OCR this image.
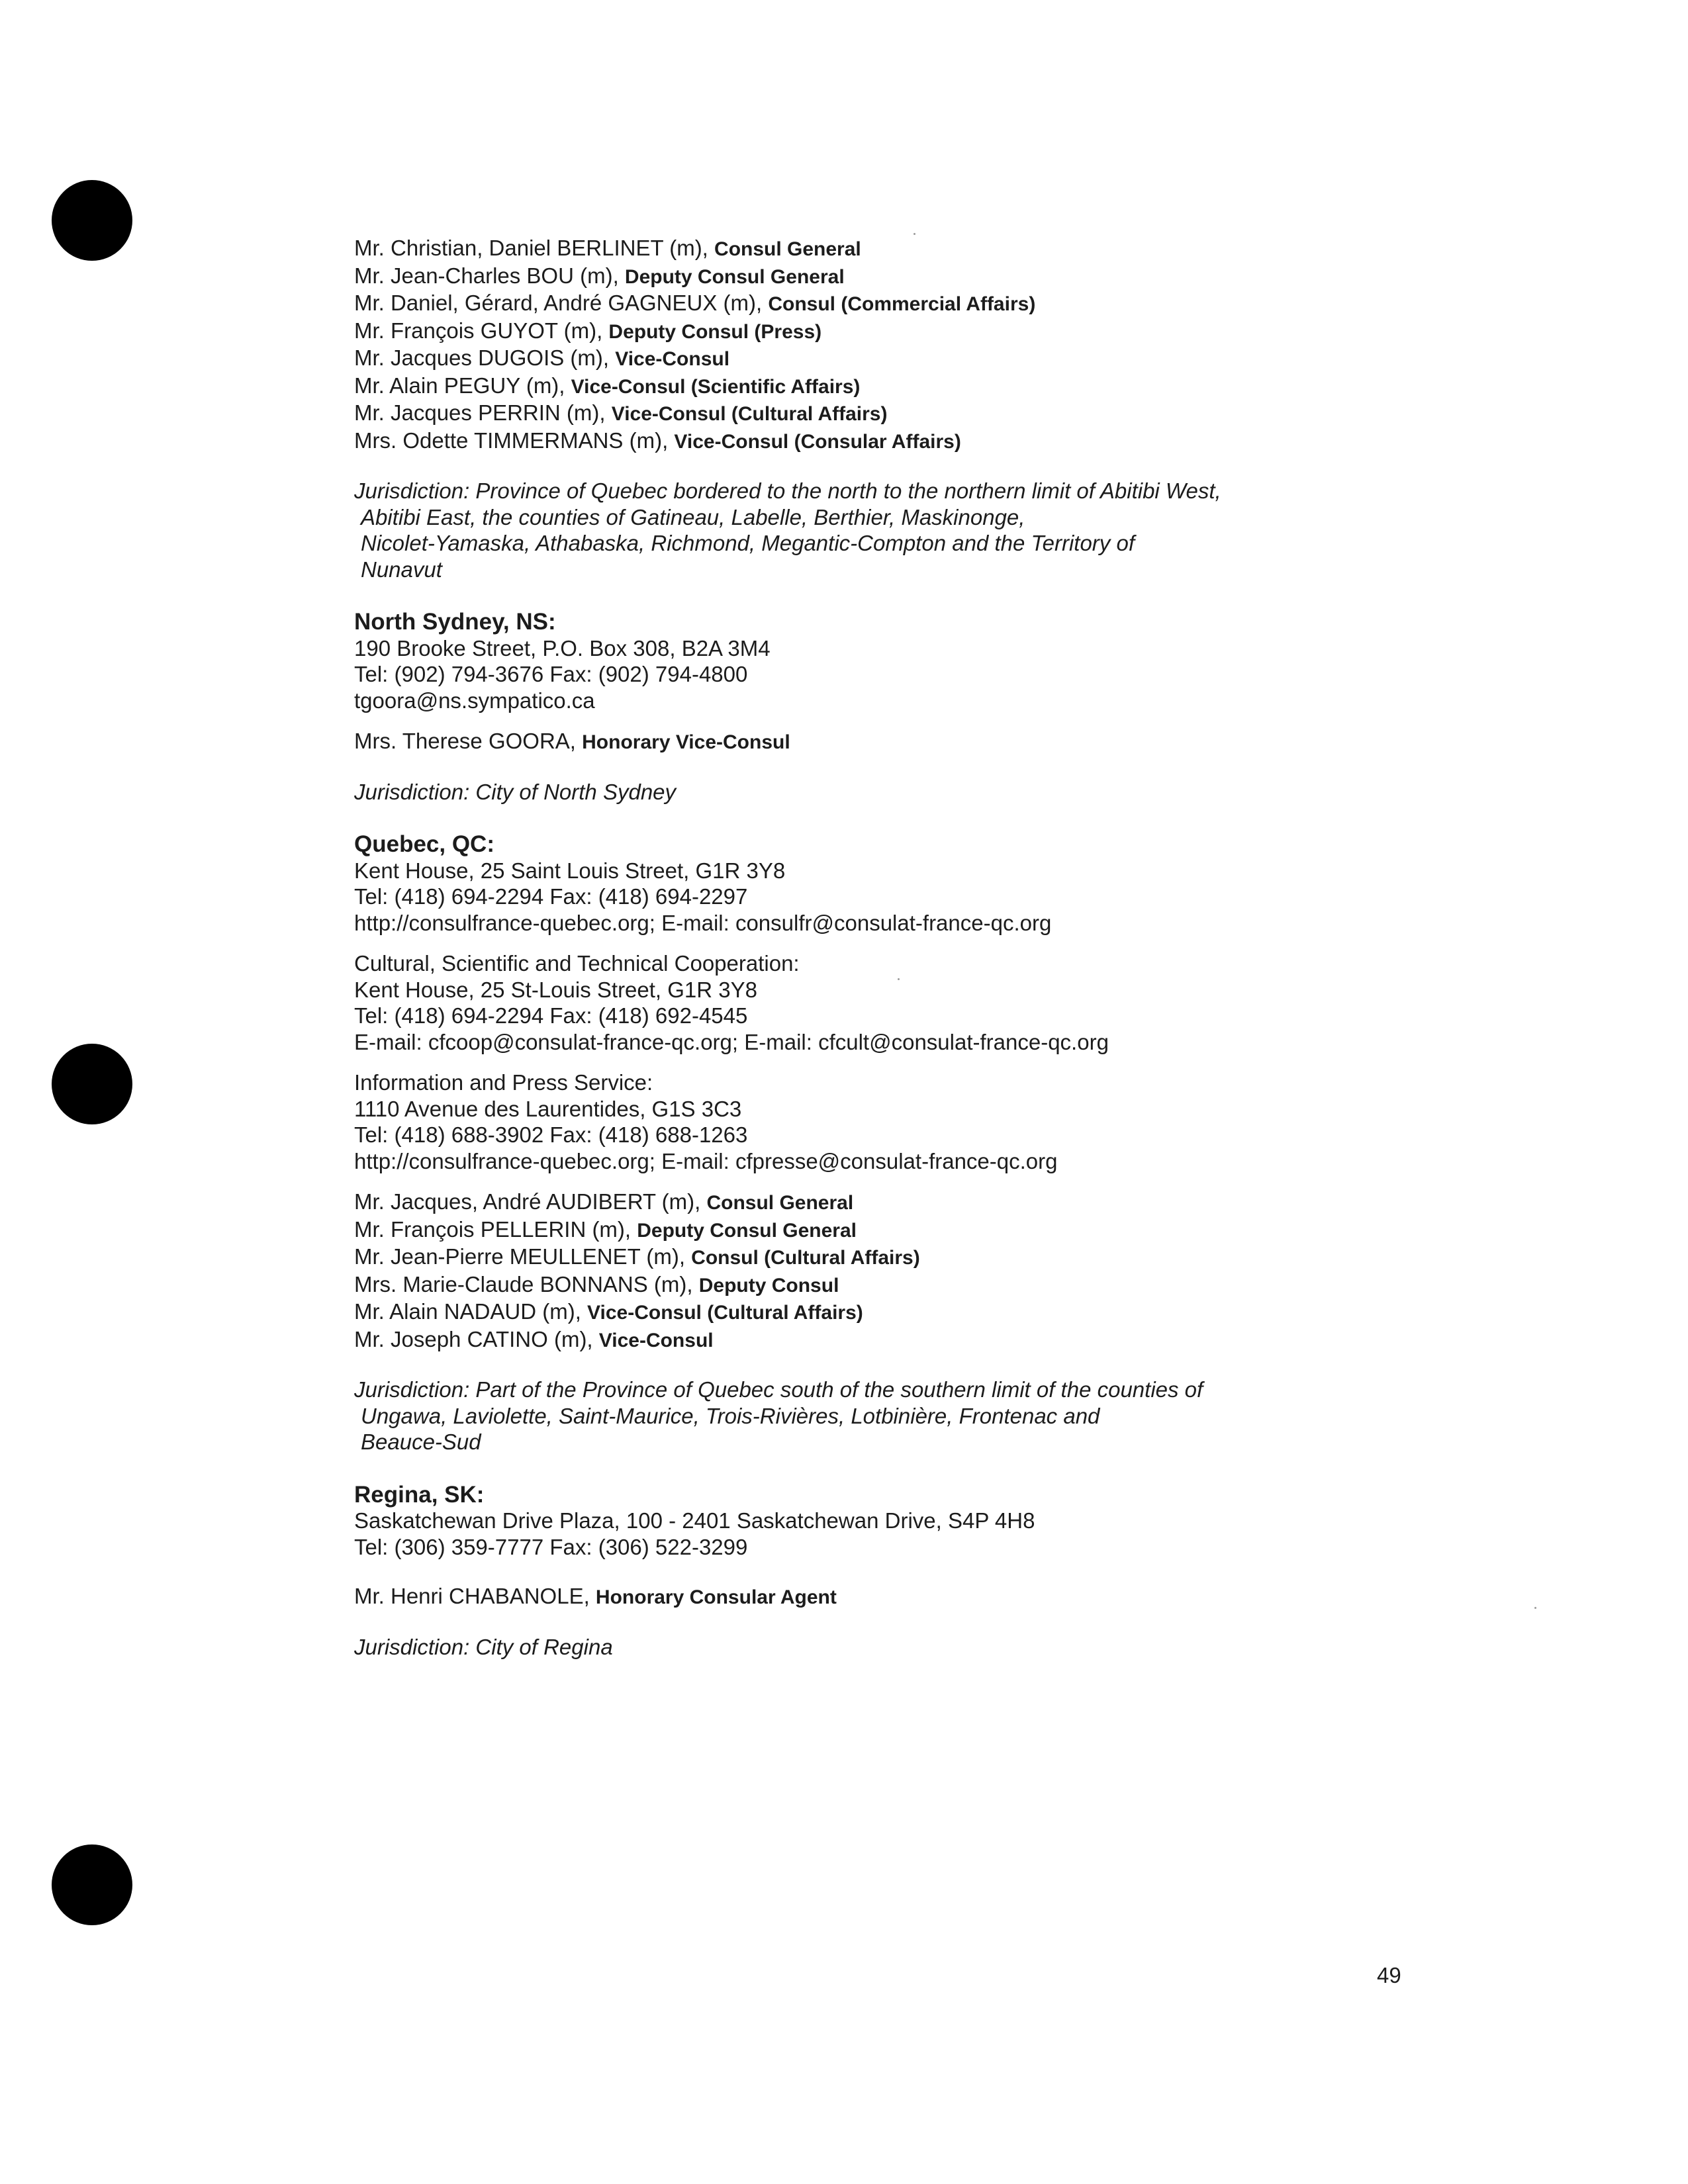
Mr. Christian, Daniel BERLINET (m), Consul General
Mr. Jean-Charles BOU (m), Deputy Consul General
Mr. Daniel, Gérard, André GAGNEUX (m), Consul (Commercial Affairs)
Mr. François GUYOT (m), Deputy Consul (Press)
Mr. Jacques DUGOIS (m), Vice-Consul
Mr. Alain PEGUY (m), Vice-Consul (Scientific Affairs)
Mr. Jacques PERRIN (m), Vice-Consul (Cultural Affairs)
Mrs. Odette TIMMERMANS (m), Vice-Consul (Consular Affairs)
Jurisdiction: Province of Quebec bordered to the north to the northern limit of Abitibi West,
Abitibi East, the counties of Gatineau, Labelle, Berthier, Maskinonge,
Nicolet-Yamaska, Athabaska, Richmond, Megantic-Compton and the Territory of
Nunavut
North Sydney, NS:
190 Brooke Street, P.O. Box 308, B2A 3M4
Tel: (902) 794-3676 Fax: (902) 794-4800
tgoora@ns.sympatico.ca
Mrs. Therese GOORA, Honorary Vice-Consul
Jurisdiction: City of North Sydney
Quebec, QC:
Kent House, 25 Saint Louis Street, G1R 3Y8
Tel: (418) 694-2294 Fax: (418) 694-2297
http://consulfrance-quebec.org; E-mail: consulfr@consulat-france-qc.org
Cultural, Scientific and Technical Cooperation:
Kent House, 25 St-Louis Street, G1R 3Y8
Tel: (418) 694-2294 Fax: (418) 692-4545
E-mail: cfcoop@consulat-france-qc.org; E-mail: cfcult@consulat-france-qc.org
Information and Press Service:
1110 Avenue des Laurentides, G1S 3C3
Tel: (418) 688-3902 Fax: (418) 688-1263
http://consulfrance-quebec.org; E-mail: cfpresse@consulat-france-qc.org
Mr. Jacques, André AUDIBERT (m), Consul General
Mr. François PELLERIN (m), Deputy Consul General
Mr. Jean-Pierre MEULLENET (m), Consul (Cultural Affairs)
Mrs. Marie-Claude BONNANS (m), Deputy Consul
Mr. Alain NADAUD (m), Vice-Consul (Cultural Affairs)
Mr. Joseph CATINO (m), Vice-Consul
Jurisdiction: Part of the Province of Quebec south of the southern limit of the counties of
Ungawa, Laviolette, Saint-Maurice, Trois-Rivières, Lotbinière, Frontenac and
Beauce-Sud
Regina, SK:
Saskatchewan Drive Plaza, 100 - 2401 Saskatchewan Drive, S4P 4H8
Tel: (306) 359-7777 Fax: (306) 522-3299
Mr. Henri CHABANOLE, Honorary Consular Agent
Jurisdiction: City of Regina
49
